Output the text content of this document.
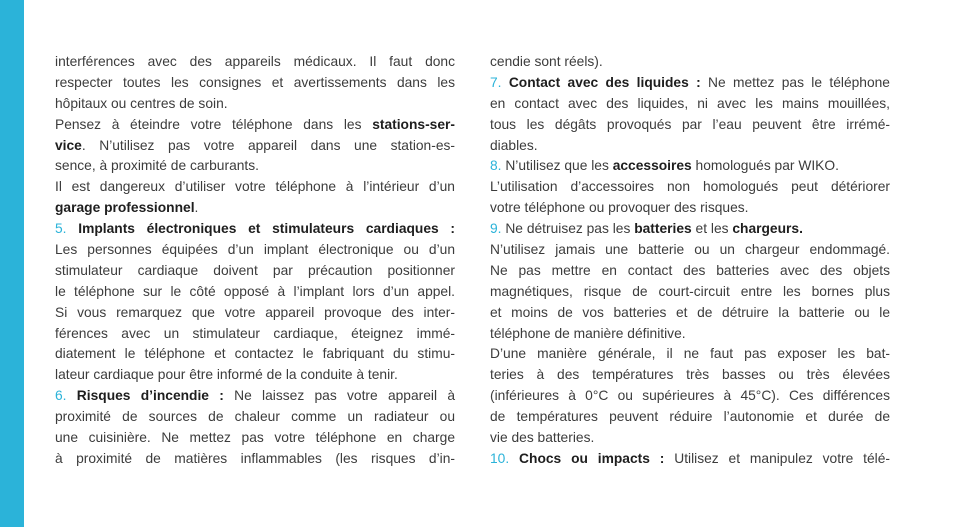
interférences avec des appareils médicaux. Il faut donc
respecter toutes les consignes et avertissements dans les
hôpitaux ou centres de soin.
Pensez à éteindre votre téléphone dans les stations-ser-
vice. N’utilisez pas votre appareil dans une station-es-
sence, à proximité de carburants.
Il est dangereux d’utiliser votre téléphone à l’intérieur d’un
garage professionnel.
5. Implants électroniques et stimulateurs cardiaques :
Les personnes équipées d’un implant électronique ou d’un
stimulateur cardiaque doivent par précaution positionner
le téléphone sur le côté opposé à l’implant lors d’un appel.
Si vous remarquez que votre appareil provoque des inter-
férences avec un stimulateur cardiaque, éteignez immé-
diatement le téléphone et contactez le fabriquant du stimu-
lateur cardiaque pour être informé de la conduite à tenir.
6. Risques d’incendie : Ne laissez pas votre appareil à
proximité de sources de chaleur comme un radiateur ou
une cuisinière. Ne mettez pas votre téléphone en charge
à proximité de matières inflammables (les risques d’in-
cendie sont réels).
7. Contact avec des liquides : Ne mettez pas le téléphone
en contact avec des liquides, ni avec les mains mouillées,
tous les dégâts provoqués par l’eau peuvent être irrémé-
diables.
8. N’utilisez que les accessoires homologués par WIKO.
L’utilisation d’accessoires non homologués peut détériorer
votre téléphone ou provoquer des risques.
9. Ne détruisez pas les batteries et les chargeurs.
N’utilisez jamais une batterie ou un chargeur endommagé.
Ne pas mettre en contact des batteries avec des objets
magnétiques, risque de court-circuit entre les bornes plus
et moins de vos batteries et de détruire la batterie ou le
téléphone de manière définitive.
D’une manière générale, il ne faut pas exposer les bat-
teries à des températures très basses ou très élevées
(inférieures à 0°C ou supérieures à 45°C). Ces différences
de températures peuvent réduire l’autonomie et durée de
vie des batteries.
10. Chocs ou impacts : Utilisez et manipulez votre télé-
